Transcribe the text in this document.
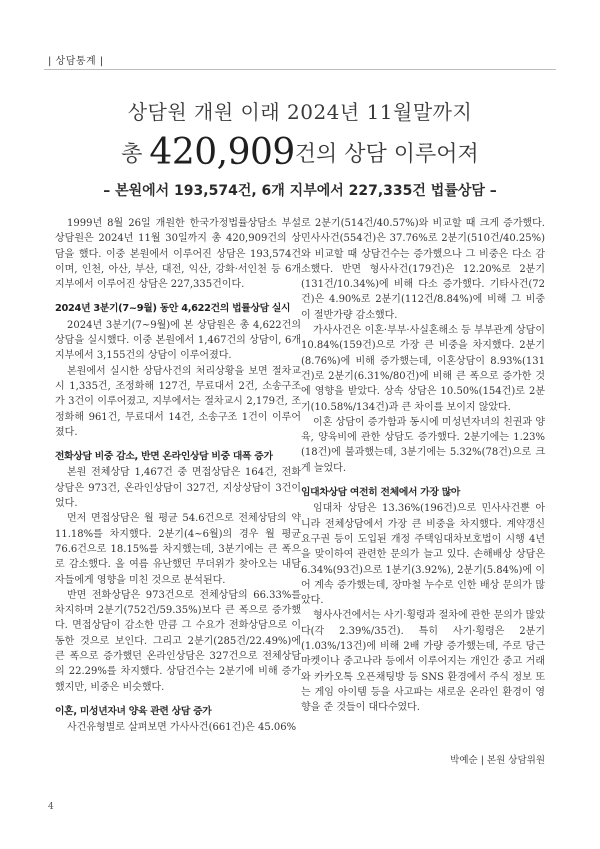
| 상담통계 |
상담원 개원 이래 2024년 11월말까지
총 420,909건의 상담 이루어져
– 본원에서 193,574건, 6개 지부에서 227,335건 법률상담 –

1999년 8월 26일 개원한 한국가정법률상담소 부설 상담원은 2024년 11월 30일까지 총 420,909건의 상담을 했다. 이중 본원에서 이루어진 상담은 193,574건이며, 인천, 아산, 부산, 대전, 익산, 강화·서인천 등 6개 지부에서 이루어진 상담은 227,335건이다.

2024년 3분기(7~9월) 동안 4,622건의 법률상담 실시

2024년 3분기(7~9월)에 본 상담원은 총 4,622건의 상담을 실시했다. 이중 본원에서 1,467건의 상담이, 6개 지부에서 3,155건의 상담이 이루어졌다.

본원에서 실시한 상담사건의 처리상황을 보면 절차교시 1,335건, 조정화해 127건, 무료대서 2건, 소송구조가 3건이 이루어졌고, 지부에서는 절차교시 2,179건, 조정화해 961건, 무료대서 14건, 소송구조 1건이 이루어졌다.

전화상담 비중 감소, 반면 온라인상담 비중 대폭 증가

본원 전체상담 1,467건 중 면접상담은 164건, 전화상담은 973건, 온라인상담이 327건, 지상상담이 3건이었다.

먼저 면접상담은 월 평균 54.6건으로 전체상담의 약 11.18%를 차지했다. 2분기(4~6월)의 경우 월 평균 76.6건으로 18.15%를 차지했는데, 3분기에는 큰 폭으로 감소했다. 올 여름 유난했던 무더위가 찾아오는 내담자들에게 영향을 미친 것으로 분석된다.

반면 전화상담은 973건으로 전체상담의 66.33%를 차지하며 2분기(752건/59.35%)보다 큰 폭으로 증가했다. 면접상담이 감소한 만큼 그 수요가 전화상담으로 이동한 것으로 보인다. 그리고 2분기(285건/22.49%)에 큰 폭으로 증가했던 온라인상담은 327건으로 전체상담의 22.29%를 차지했다. 상담건수는 2분기에 비해 증가했지만, 비중은 비슷했다.

이혼, 미성년자녀 양육 관련 상담 증가

사건유형별로 살펴보면 가사사건(661건)은 45.06%

로 2분기(514건/40.57%)와 비교할 때 크게 증가했다. 민사사건(554건)은 37.76%로 2분기(510건/40.25%)와 비교할 때 상담건수는 증가했으나 그 비중은 다소 감소했다. 반면 형사사건(179건)은 12.20%로 2분기(131건/10.34%)에 비해 다소 증가했다. 기타사건(72건)은 4.90%로 2분기(112건/8.84%)에 비해 그 비중이 절반가량 감소했다.

가사사건은 이혼·부부·사실혼해소 등 부부관계 상담이 10.84%(159건)으로 가장 큰 비중을 차지했다. 2분기(8.76%)에 비해 증가했는데, 이혼상담이 8.93%(131건)로 2분기(6.31%/80건)에 비해 큰 폭으로 증가한 것에 영향을 받았다. 상속 상담은 10.50%(154건)로 2분기(10.58%/134건)과 큰 차이를 보이지 않았다.

이혼 상담이 증가함과 동시에 미성년자녀의 친권과 양육, 양육비에 관한 상담도 증가했다. 2분기에는 1.23%(18건)에 불과했는데, 3분기에는 5.32%(78건)으로 크게 늘었다.

임대차상담 여전히 전체에서 가장 많아

임대차 상담은 13.36%(196건)으로 민사사건뿐 아니라 전체상담에서 가장 큰 비중을 차지했다. 계약갱신요구권 등이 도입된 개정 주택임대차보호법이 시행 4년을 맞이하여 관련한 문의가 늘고 있다. 손해배상 상담은 6.34%(93건)으로 1분기(3.92%), 2분기(5.84%)에 이어 계속 증가했는데, 장마철 누수로 인한 배상 문의가 많았다.

형사사건에서는 사기·횡령과 절차에 관한 문의가 많았다(각 2.39%/35건). 특히 사기·횡령은 2분기(1.03%/13건)에 비해 2배 가량 증가했는데, 주로 당근마켓이나 중고나라 등에서 이루어지는 개인간 중고 거래와 카카오톡 오픈채팅방 등 SNS 환경에서 주식 정보 또는 게임 아이템 등을 사고파는 새로운 온라인 환경이 영향을 준 것들이 대다수였다.

박예순 | 본원 상담위원
4
